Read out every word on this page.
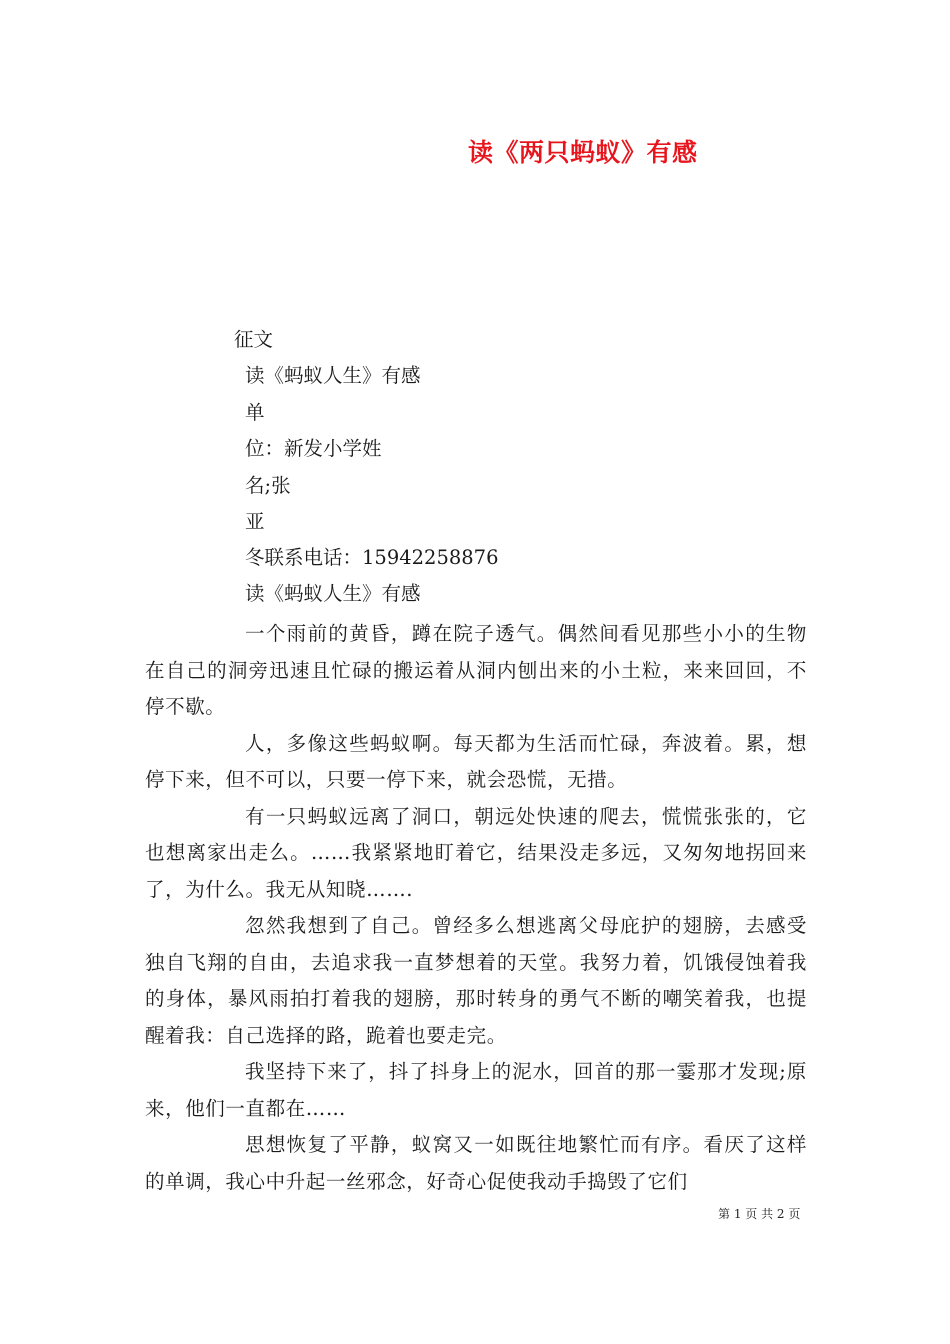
读《两只蚂蚁》有感
征文
读《蚂蚁人生》有感
单
位：新发小学姓
名;张
亚
冬联系电话：15942258876
读《蚂蚁人生》有感

一个雨前的黄昏，蹲在院子透气。偶然间看见那些小小的生物在自己的洞旁迅速且忙碌的搬运着从洞内刨出来的小土粒，来来回回，不停不歇。

人，多像这些蚂蚁啊。每天都为生活而忙碌，奔波着。累，想停下来，但不可以，只要一停下来，就会恐慌，无措。

有一只蚂蚁远离了洞口，朝远处快速的爬去，慌慌张张的，它也想离家出走么。……我紧紧地盯着它，结果没走多远，又匆匆地拐回来了，为什么。我无从知晓…….

忽然我想到了自己。曾经多么想逃离父母庇护的翅膀，去感受独自飞翔的自由，去追求我一直梦想着的天堂。我努力着，饥饿侵蚀着我的身体，暴风雨拍打着我的翅膀，那时转身的勇气不断的嘲笑着我，也提醒着我：自己选择的路，跪着也要走完。

我坚持下来了，抖了抖身上的泥水，回首的那一霎那才发现;原来，他们一直都在……

思想恢复了平静，蚁窝又一如既往地繁忙而有序。看厌了这样的单调，我心中升起一丝邪念，好奇心促使我动手捣毁了它们

第 1 页 共 2 页
